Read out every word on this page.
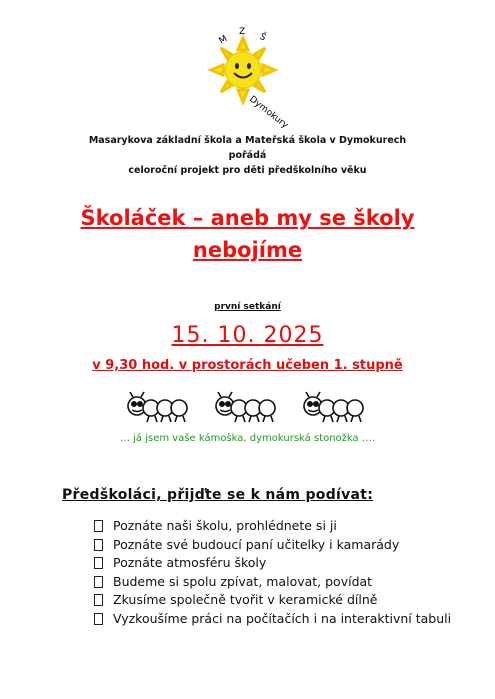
M
Z Š
Dymokury
Masarykova základní škola a Mateřská škola v Dymokurech
pořádá
celoroční projekt pro děti předškolního věku
Školáček – aneb my se školy nebojíme
první setkání
15. 10. 2025
v 9,30 hod. v prostorách učeben 1. stupně
… já jsem vaše kámoška, dymokurská stonožka ….
Předškoláci, přijďte se k nám podívat:
Poznáte naši školu, prohlédnete si ji
Poznáte své budoucí paní učitelky i kamarády
Poznáte atmosféru školy
Budeme si spolu zpívat, malovat, povídat
Zkusíme společně tvořit v keramické dílně
Vyzkoušíme práci na počítačích i na interaktivní tabuli
